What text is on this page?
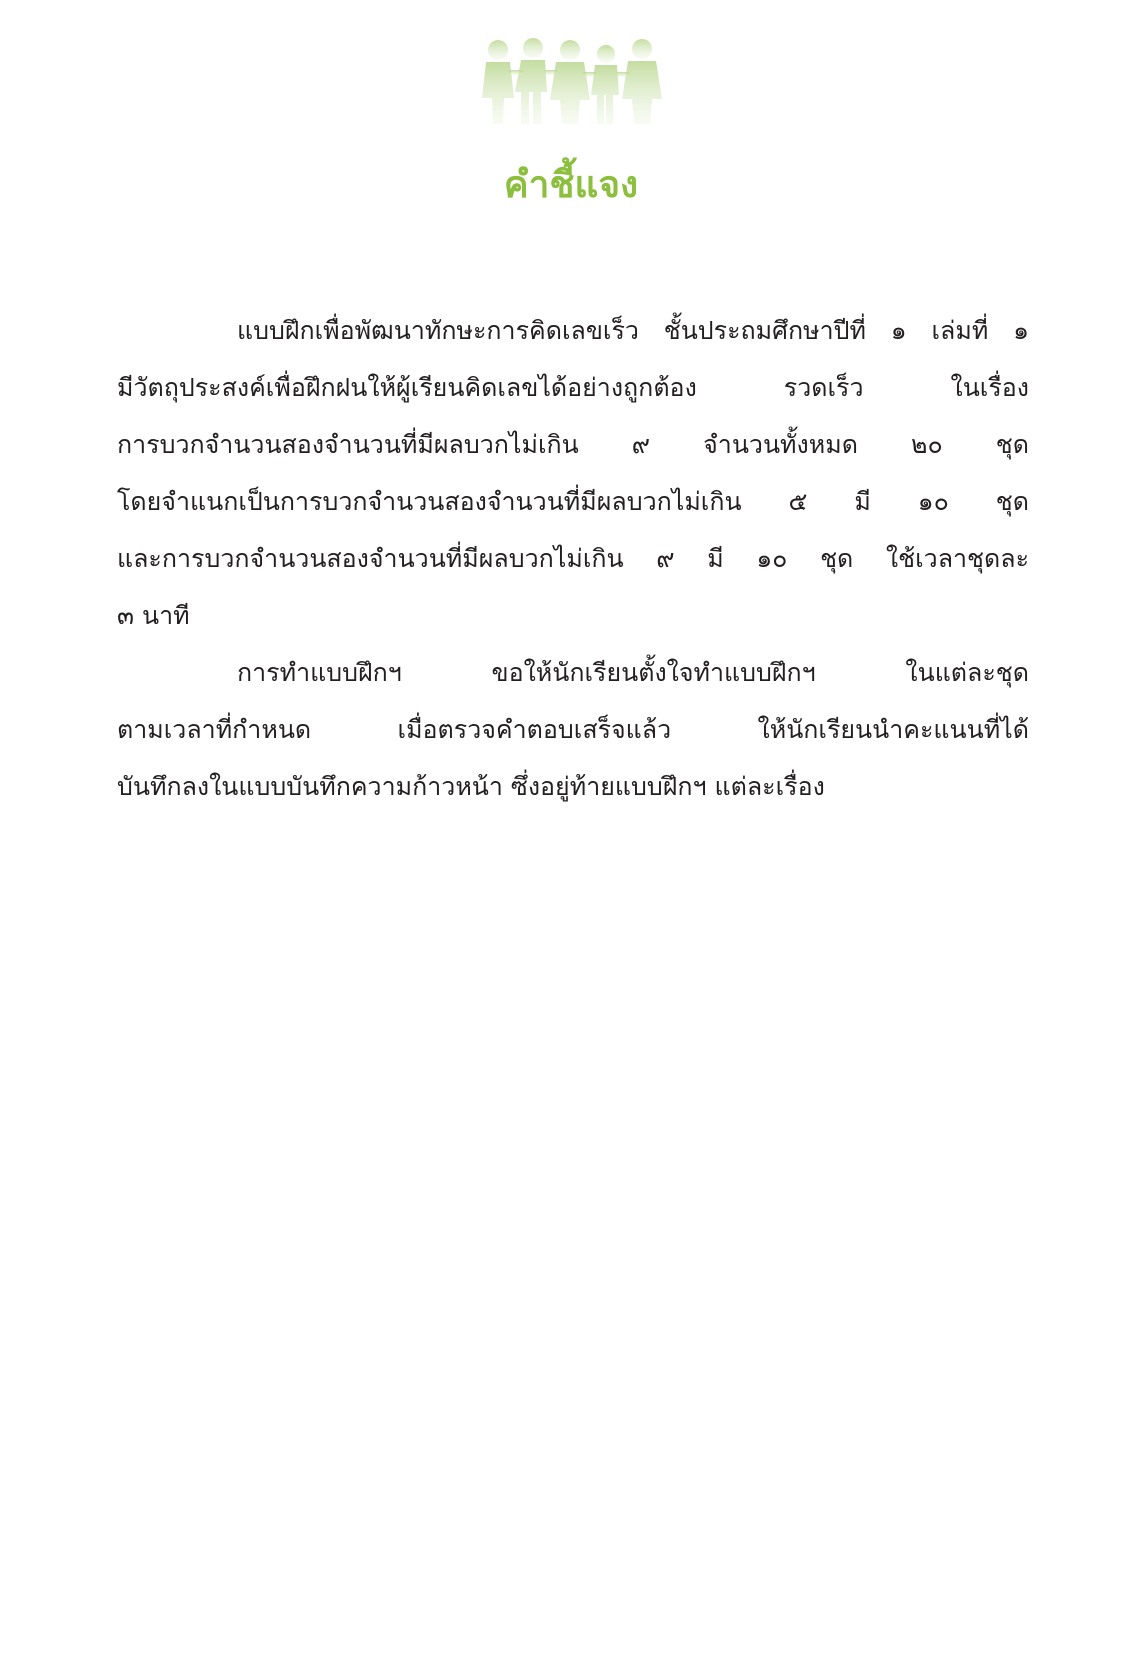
คำชี้แจง
แบบฝึกเพื่อพัฒนาทักษะการคิดเลขเร็ว ชั้นประถมศึกษาปีที่ ๑ เล่มที่ ๑
มีวัตถุประสงค์เพื่อฝึกฝนให้ผู้เรียนคิดเลขได้อย่างถูกต้อง รวดเร็ว ในเรื่อง
การบวกจำนวนสองจำนวนที่มีผลบวกไม่เกิน ๙ จำนวนทั้งหมด ๒๐ ชุด
โดยจำแนกเป็นการบวกจำนวนสองจำนวนที่มีผลบวกไม่เกิน ๕ มี ๑๐ ชุด
และการบวกจำนวนสองจำนวนที่มีผลบวกไม่เกิน ๙ มี ๑๐ ชุด ใช้เวลาชุดละ
๓ นาที
การทำแบบฝึกฯ ขอให้นักเรียนตั้งใจทำแบบฝึกฯ ในแต่ละชุด
ตามเวลาที่กำหนด เมื่อตรวจคำตอบเสร็จแล้ว ให้นักเรียนนำคะแนนที่ได้
บันทึกลงในแบบบันทึกความก้าวหน้า ซึ่งอยู่ท้ายแบบฝึกฯ แต่ละเรื่อง
